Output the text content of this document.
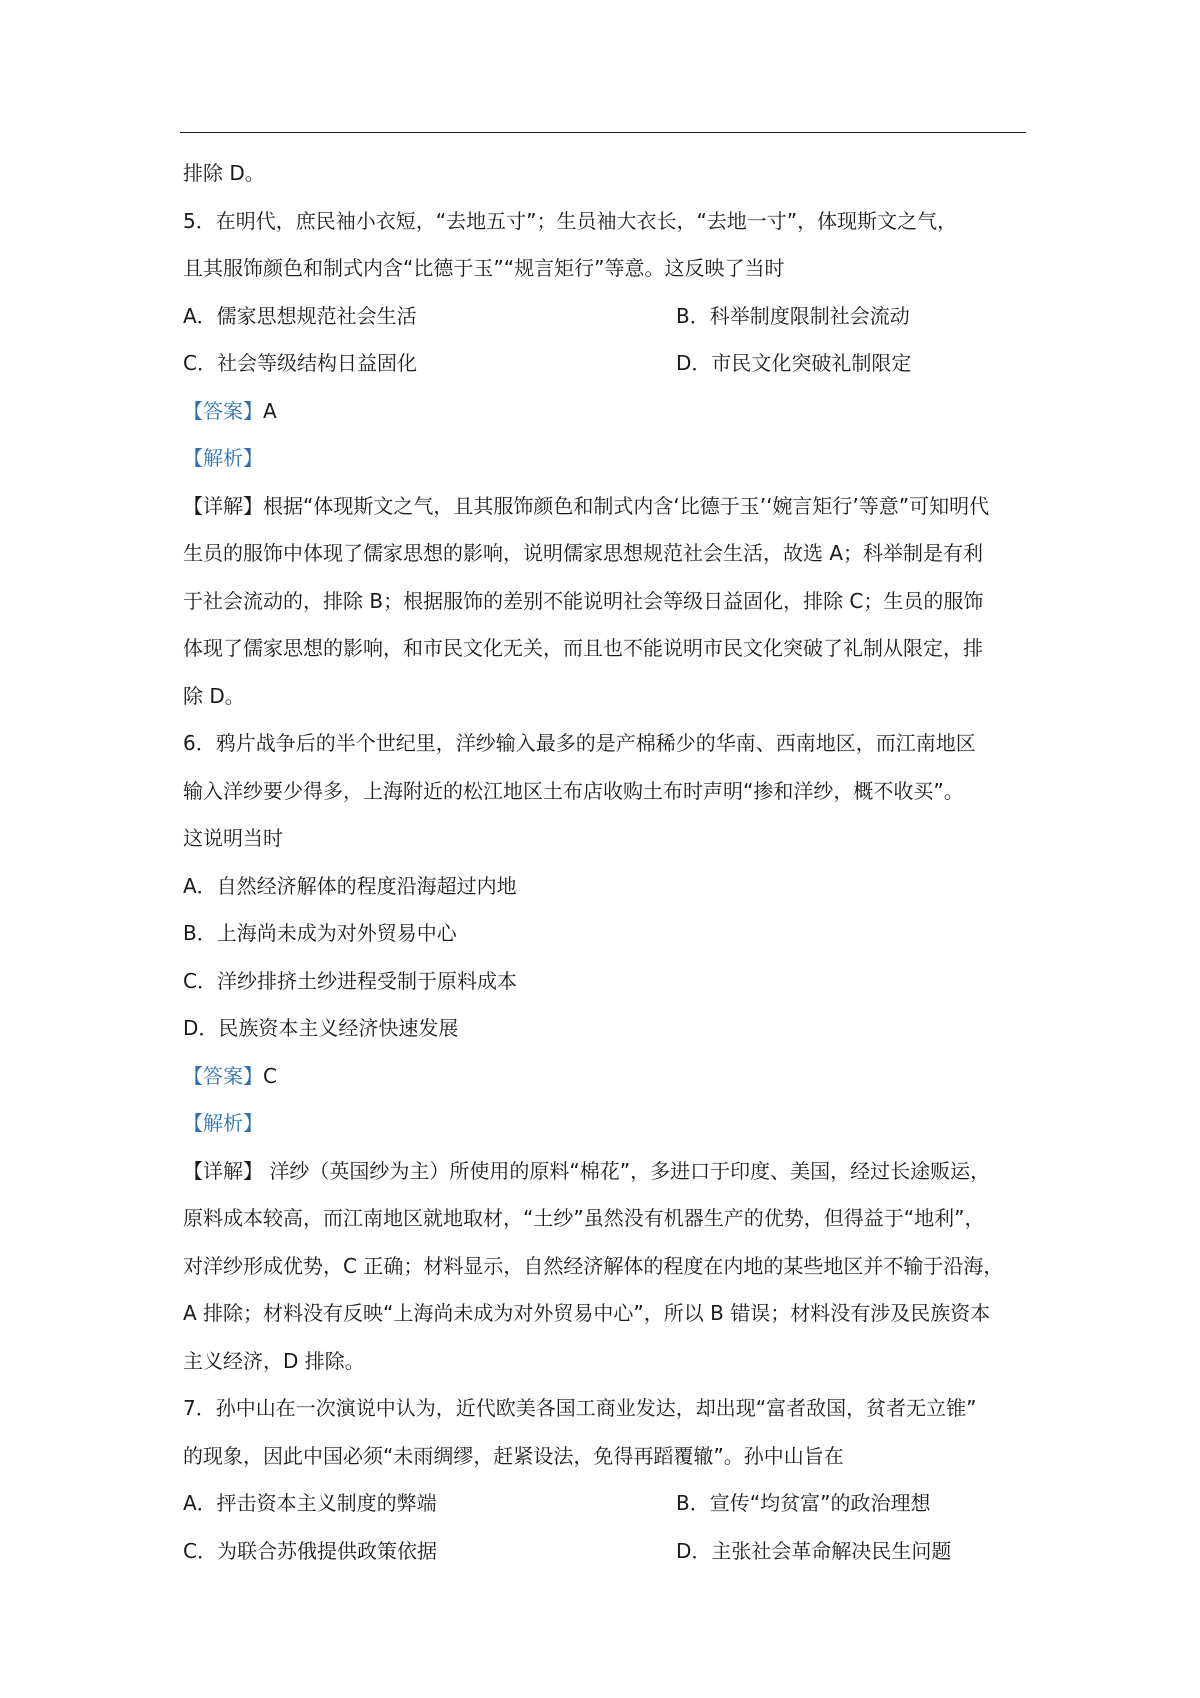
排除 D。
5．在明代，庶民袖小衣短，“去地五寸”；生员袖大衣长，“去地一寸”，体现斯文之气，
且其服饰颜色和制式内含“比德于玉”“规言矩行”等意。这反映了当时
A．儒家思想规范社会生活	B．科举制度限制社会流动
C．社会等级结构日益固化	D．市民文化突破礼制限定
【答案】A
【解析】
【详解】根据“体现斯文之气，且其服饰颜色和制式内含‘比德于玉’‘婉言矩行’等意”可知明代
生员的服饰中体现了儒家思想的影响，说明儒家思想规范社会生活，故选 A；科举制是有利
于社会流动的，排除 B；根据服饰的差别不能说明社会等级日益固化，排除 C；生员的服饰
体现了儒家思想的影响，和市民文化无关，而且也不能说明市民文化突破了礼制从限定，排
除 D。
6．鸦片战争后的半个世纪里，洋纱输入最多的是产棉稀少的华南、西南地区，而江南地区
输入洋纱要少得多，上海附近的松江地区土布店收购土布时声明“掺和洋纱，概不收买”。
这说明当时
A．自然经济解体的程度沿海超过内地
B．上海尚未成为对外贸易中心
C．洋纱排挤土纱进程受制于原料成本
D．民族资本主义经济快速发展
【答案】C
【解析】
【详解】 洋纱（英国纱为主）所使用的原料“棉花”，多进口于印度、美国，经过长途贩运，
原料成本较高，而江南地区就地取材，“土纱”虽然没有机器生产的优势，但得益于“地利”，
对洋纱形成优势，C 正确；材料显示，自然经济解体的程度在内地的某些地区并不输于沿海，
A 排除；材料没有反映“上海尚未成为对外贸易中心”，所以 B 错误；材料没有涉及民族资本
主义经济，D 排除。
7．孙中山在一次演说中认为，近代欧美各国工商业发达，却出现“富者敌国，贫者无立锥”
的现象，因此中国必须“未雨绸缪，赶紧设法，免得再蹈覆辙”。孙中山旨在
A．抨击资本主义制度的弊端	B．宣传“均贫富”的政治理想
C．为联合苏俄提供政策依据	D．主张社会革命解决民生问题
